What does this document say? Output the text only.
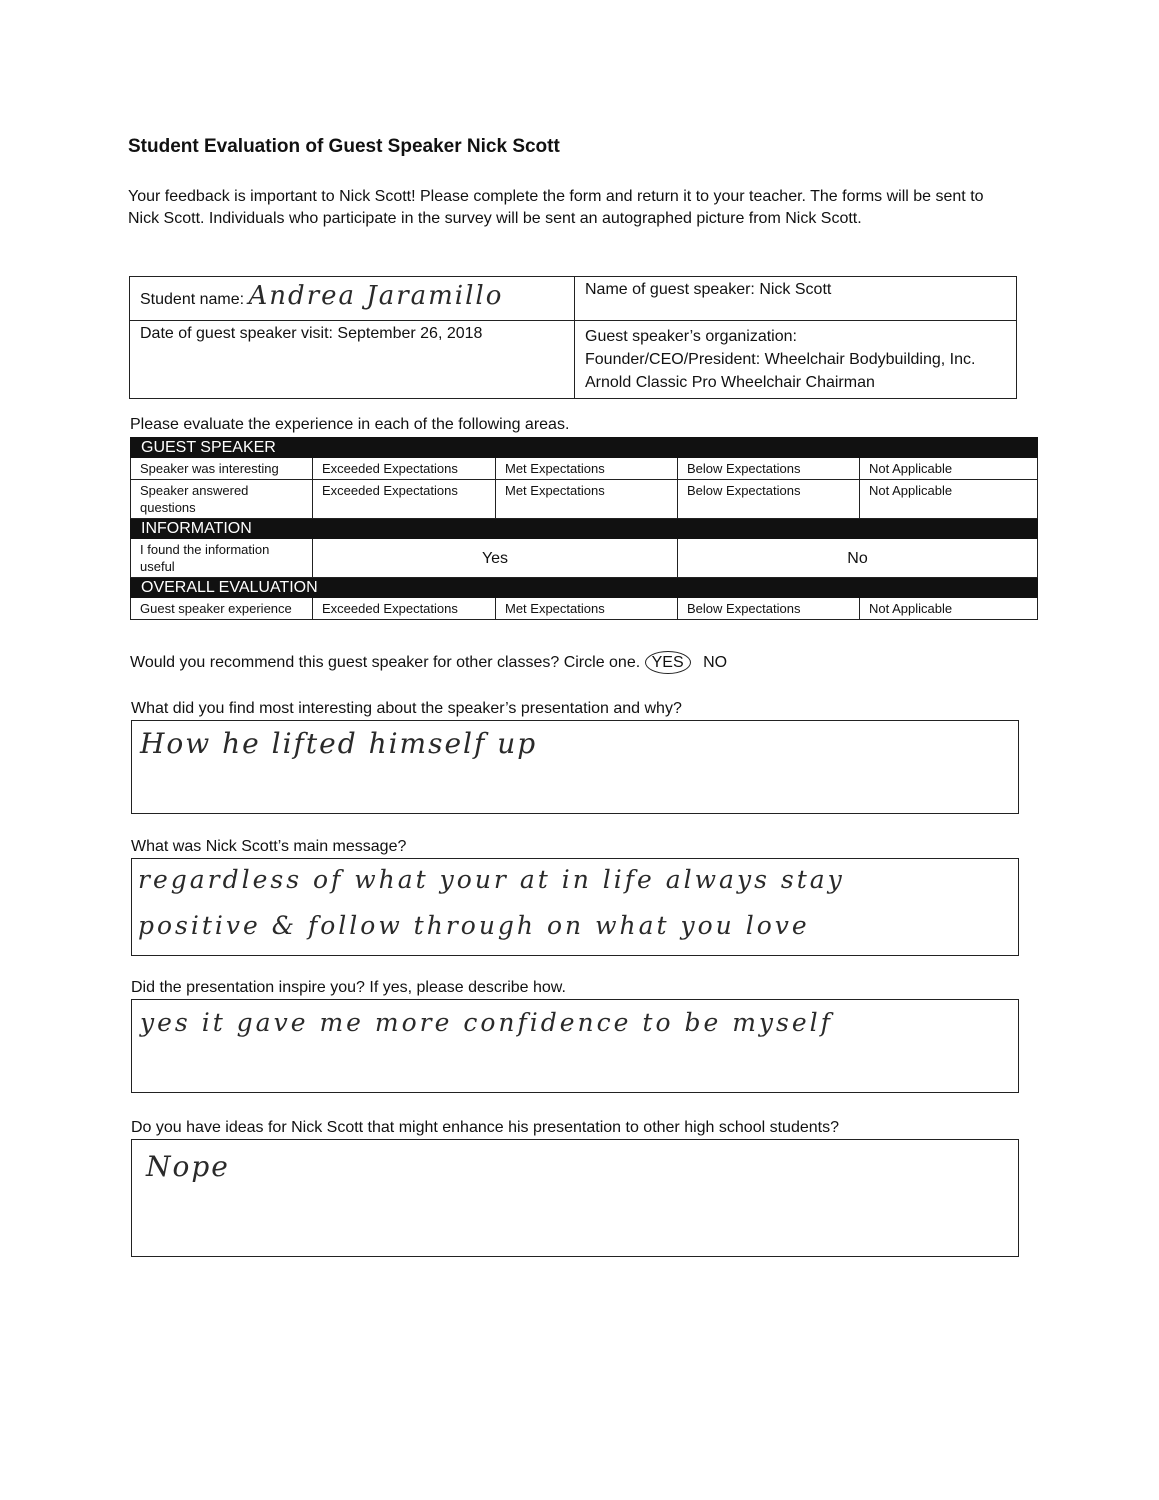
Student Evaluation of Guest Speaker Nick Scott
Your feedback is important to Nick Scott! Please complete the form and return it to your teacher. The forms will be sent to Nick Scott. Individuals who participate in the survey will be sent an autographed picture from Nick Scott.
Student name: Andrea Jaramillo	Name of guest speaker: Nick Scott
Date of guest speaker visit: September 26, 2018	Guest speaker’s organization:
Founder/CEO/President: Wheelchair Bodybuilding, Inc.
Arnold Classic Pro Wheelchair Chairman
Please evaluate the experience in each of the following areas.
GUEST SPEAKER				
Speaker was interesting	Exceeded Expectations	Met Expectations	Below Expectations	Not Applicable
Speaker answered questions	Exceeded Expectations	Met Expectations	Below Expectations	Not Applicable
INFORMATION				
I found the information useful	Yes		No	
OVERALL EVALUATION				
Guest speaker experience	Exceeded Expectations	Met Expectations	Below Expectations	Not Applicable
Would you recommend this guest speaker for other classes? Circle one. YES NO
What did you find most interesting about the speaker’s presentation and why?
How he lifted himself up
What was Nick Scott’s main message?
regardless of what your at in life always stay
positive & follow through on what you love
Did the presentation inspire you? If yes, please describe how.
yes it gave me more confidence to be myself
Do you have ideas for Nick Scott that might enhance his presentation to other high school students?
Nope
